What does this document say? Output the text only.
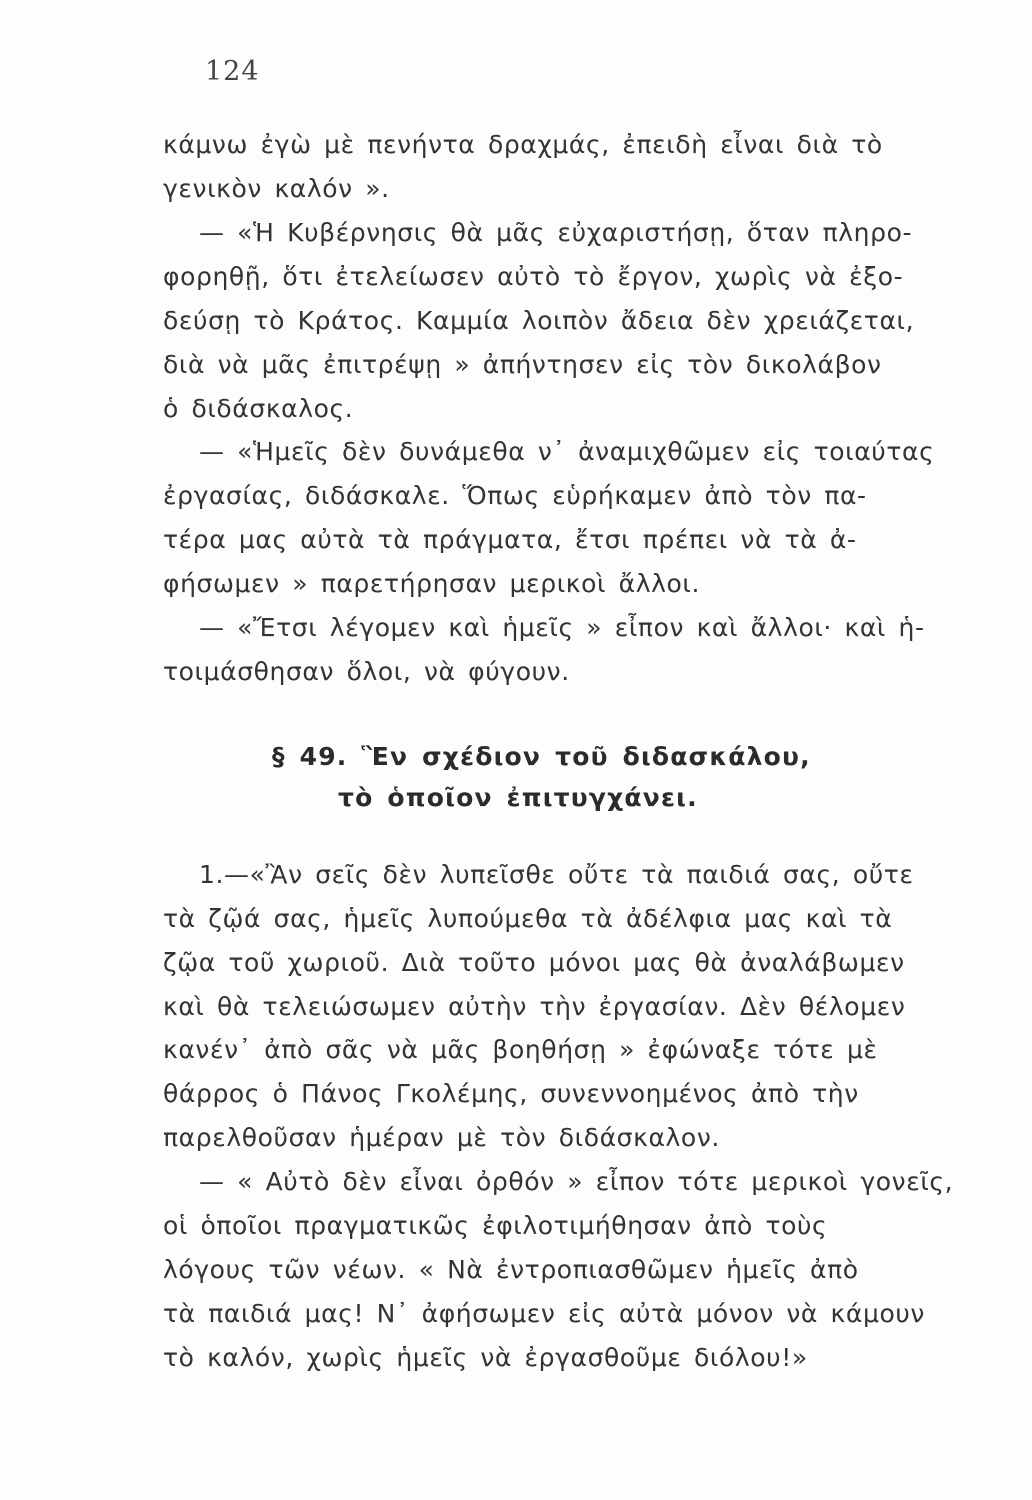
124
κάμνω ἐγὼ μὲ πενήντα δραχμάς, ἐπειδὴ εἶναι διὰ τὸ
γενικὸν καλόν ».
— «Ἡ Κυβέρνησις θὰ μᾶς εὐχαριστήσῃ, ὅταν πληρο-
φορηθῇ, ὅτι ἐτελείωσεν αὐτὸ τὸ ἔργον, χωρὶς νὰ ἐξο-
δεύσῃ τὸ Κράτος. Καμμία λοιπὸν ἄδεια δὲν χρειάζεται,
διὰ νὰ μᾶς ἐπιτρέψῃ » ἀπήντησεν εἰς τὸν δικολάβον
ὁ διδάσκαλος.
— «Ἡμεῖς δὲν δυνάμεθα ν᾽ ἀναμιχθῶμεν εἰς τοιαύτας
ἐργασίας, διδάσκαλε. Ὅπως εὑρήκαμεν ἀπὸ τὸν πα-
τέρα μας αὐτὰ τὰ πράγματα, ἔτσι πρέπει νὰ τὰ ἀ-
φήσωμεν » παρετήρησαν μερικοὶ ἄλλοι.
— «Ἔτσι λέγομεν καὶ ἡμεῖς » εἶπον καὶ ἄλλοι· καὶ ἡ-
τοιμάσθησαν ὅλοι, νὰ φύγουν.
§ 49. Ἓν σχέδιον τοῦ διδασκάλου,
τὸ ὁποῖον ἐπιτυγχάνει.
1.—«Ἂν σεῖς δὲν λυπεῖσθε οὔτε τὰ παιδιά σας, οὔτε
τὰ ζῷά σας, ἡμεῖς λυπούμεθα τὰ ἀδέλφια μας καὶ τὰ
ζῷα τοῦ χωριοῦ. Διὰ τοῦτο μόνοι μας θὰ ἀναλάβωμεν
καὶ θὰ τελειώσωμεν αὐτὴν τὴν ἐργασίαν. Δὲν θέλομεν
κανέν᾽ ἀπὸ σᾶς νὰ μᾶς βοηθήσῃ » ἐφώναξε τότε μὲ
θάρρος ὁ Πάνος Γκολέμης, συνεννοημένος ἀπὸ τὴν
παρελθοῦσαν ἡμέραν μὲ τὸν διδάσκαλον.
— « Αὐτὸ δὲν εἶναι ὀρθόν » εἶπον τότε μερικοὶ γονεῖς,
οἱ ὁποῖοι πραγματικῶς ἐφιλοτιμήθησαν ἀπὸ τοὺς
λόγους τῶν νέων. « Νὰ ἐντροπιασθῶμεν ἡμεῖς ἀπὸ
τὰ παιδιά μας! Ν᾽ ἀφήσωμεν εἰς αὐτὰ μόνον νὰ κάμουν
τὸ καλόν, χωρὶς ἡμεῖς νὰ ἐργασθοῦμε διόλου!»
